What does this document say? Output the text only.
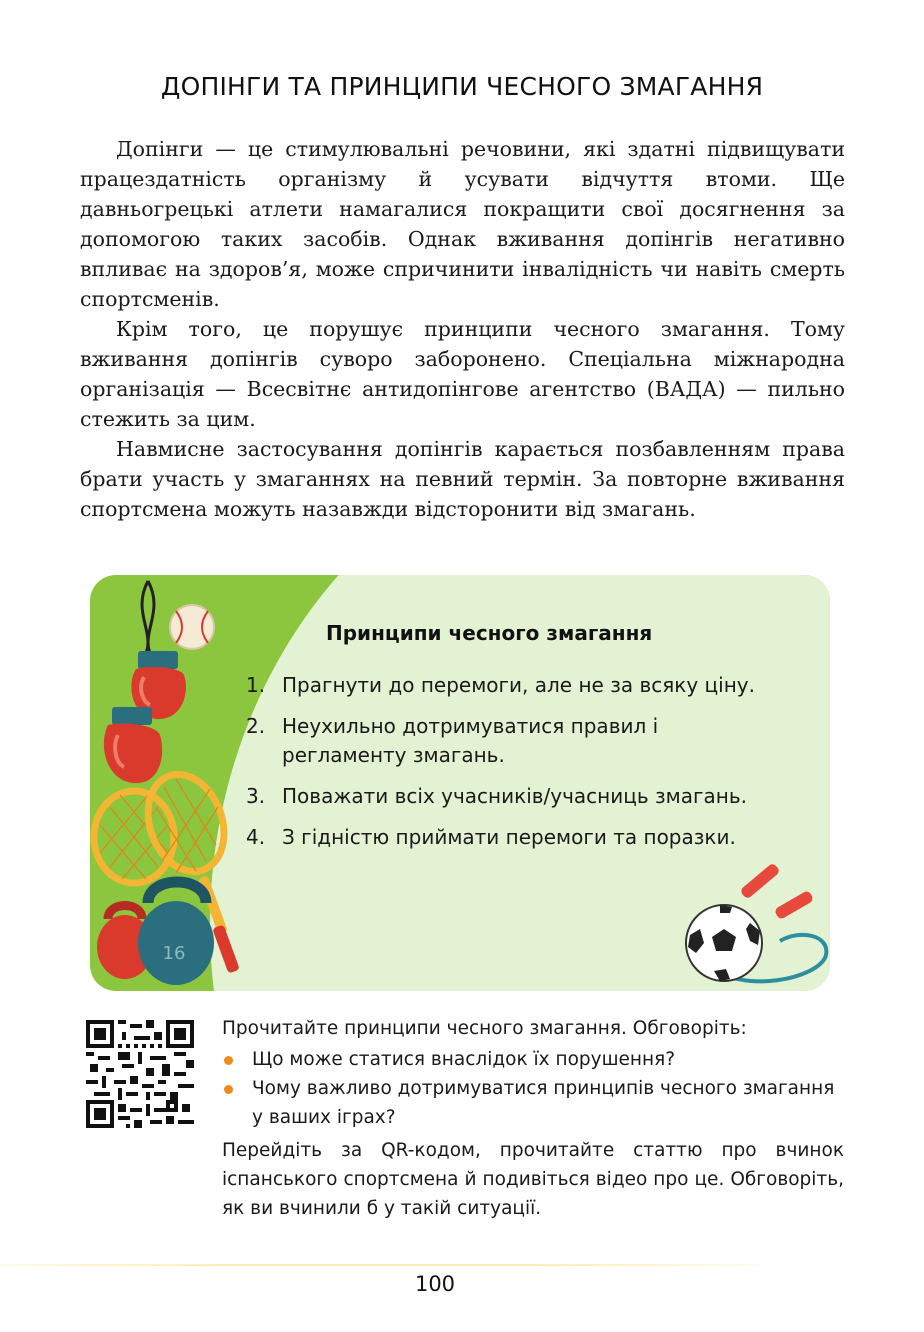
ДОПІНГИ ТА ПРИНЦИПИ ЧЕСНОГО ЗМАГАННЯ

Допінги — це стимулювальні речовини, які здатні підвищувати працездатність організму й усувати відчуття втоми. Ще давньогрецькі атлети намагалися покращити свої досягнення за допомогою таких засобів. Однак вживання допінгів негативно впливає на здоров’я, може спричинити інвалідність чи навіть смерть спортсменів.

Крім того, це порушує принципи чесного змагання. Тому вживання допінгів суворо заборонено. Спеціальна міжнародна організація — Всесвітнє антидопінгове агентство (ВАДА) — пильно стежить за цим.

Навмисне застосування допінгів карається позбавленням права брати участь у змаганнях на певний термін. За повторне вживання спортсмена можуть назавжди відсторонити від змагань.

16
Принципи чесного змагання
1. Прагнути до перемоги, але не за всяку ціну.
2. Неухильно дотримуватися правил і регламенту змагань.
3. Поважати всіх учасників/учасниць змагань.
4. З гідністю приймати перемоги та поразки.

Прочитайте принципи чесного змагання. Обговоріть:

Що може статися внаслідок їх порушення?
Чому важливо дотримуватися принципів чесного змагання у ваших іграх?

Перейдіть за QR-кодом, прочитайте статтю про вчинок іспанського спортсмена й подивіться відео про це. Обговоріть, як ви вчинили б у такій ситуації.

100
